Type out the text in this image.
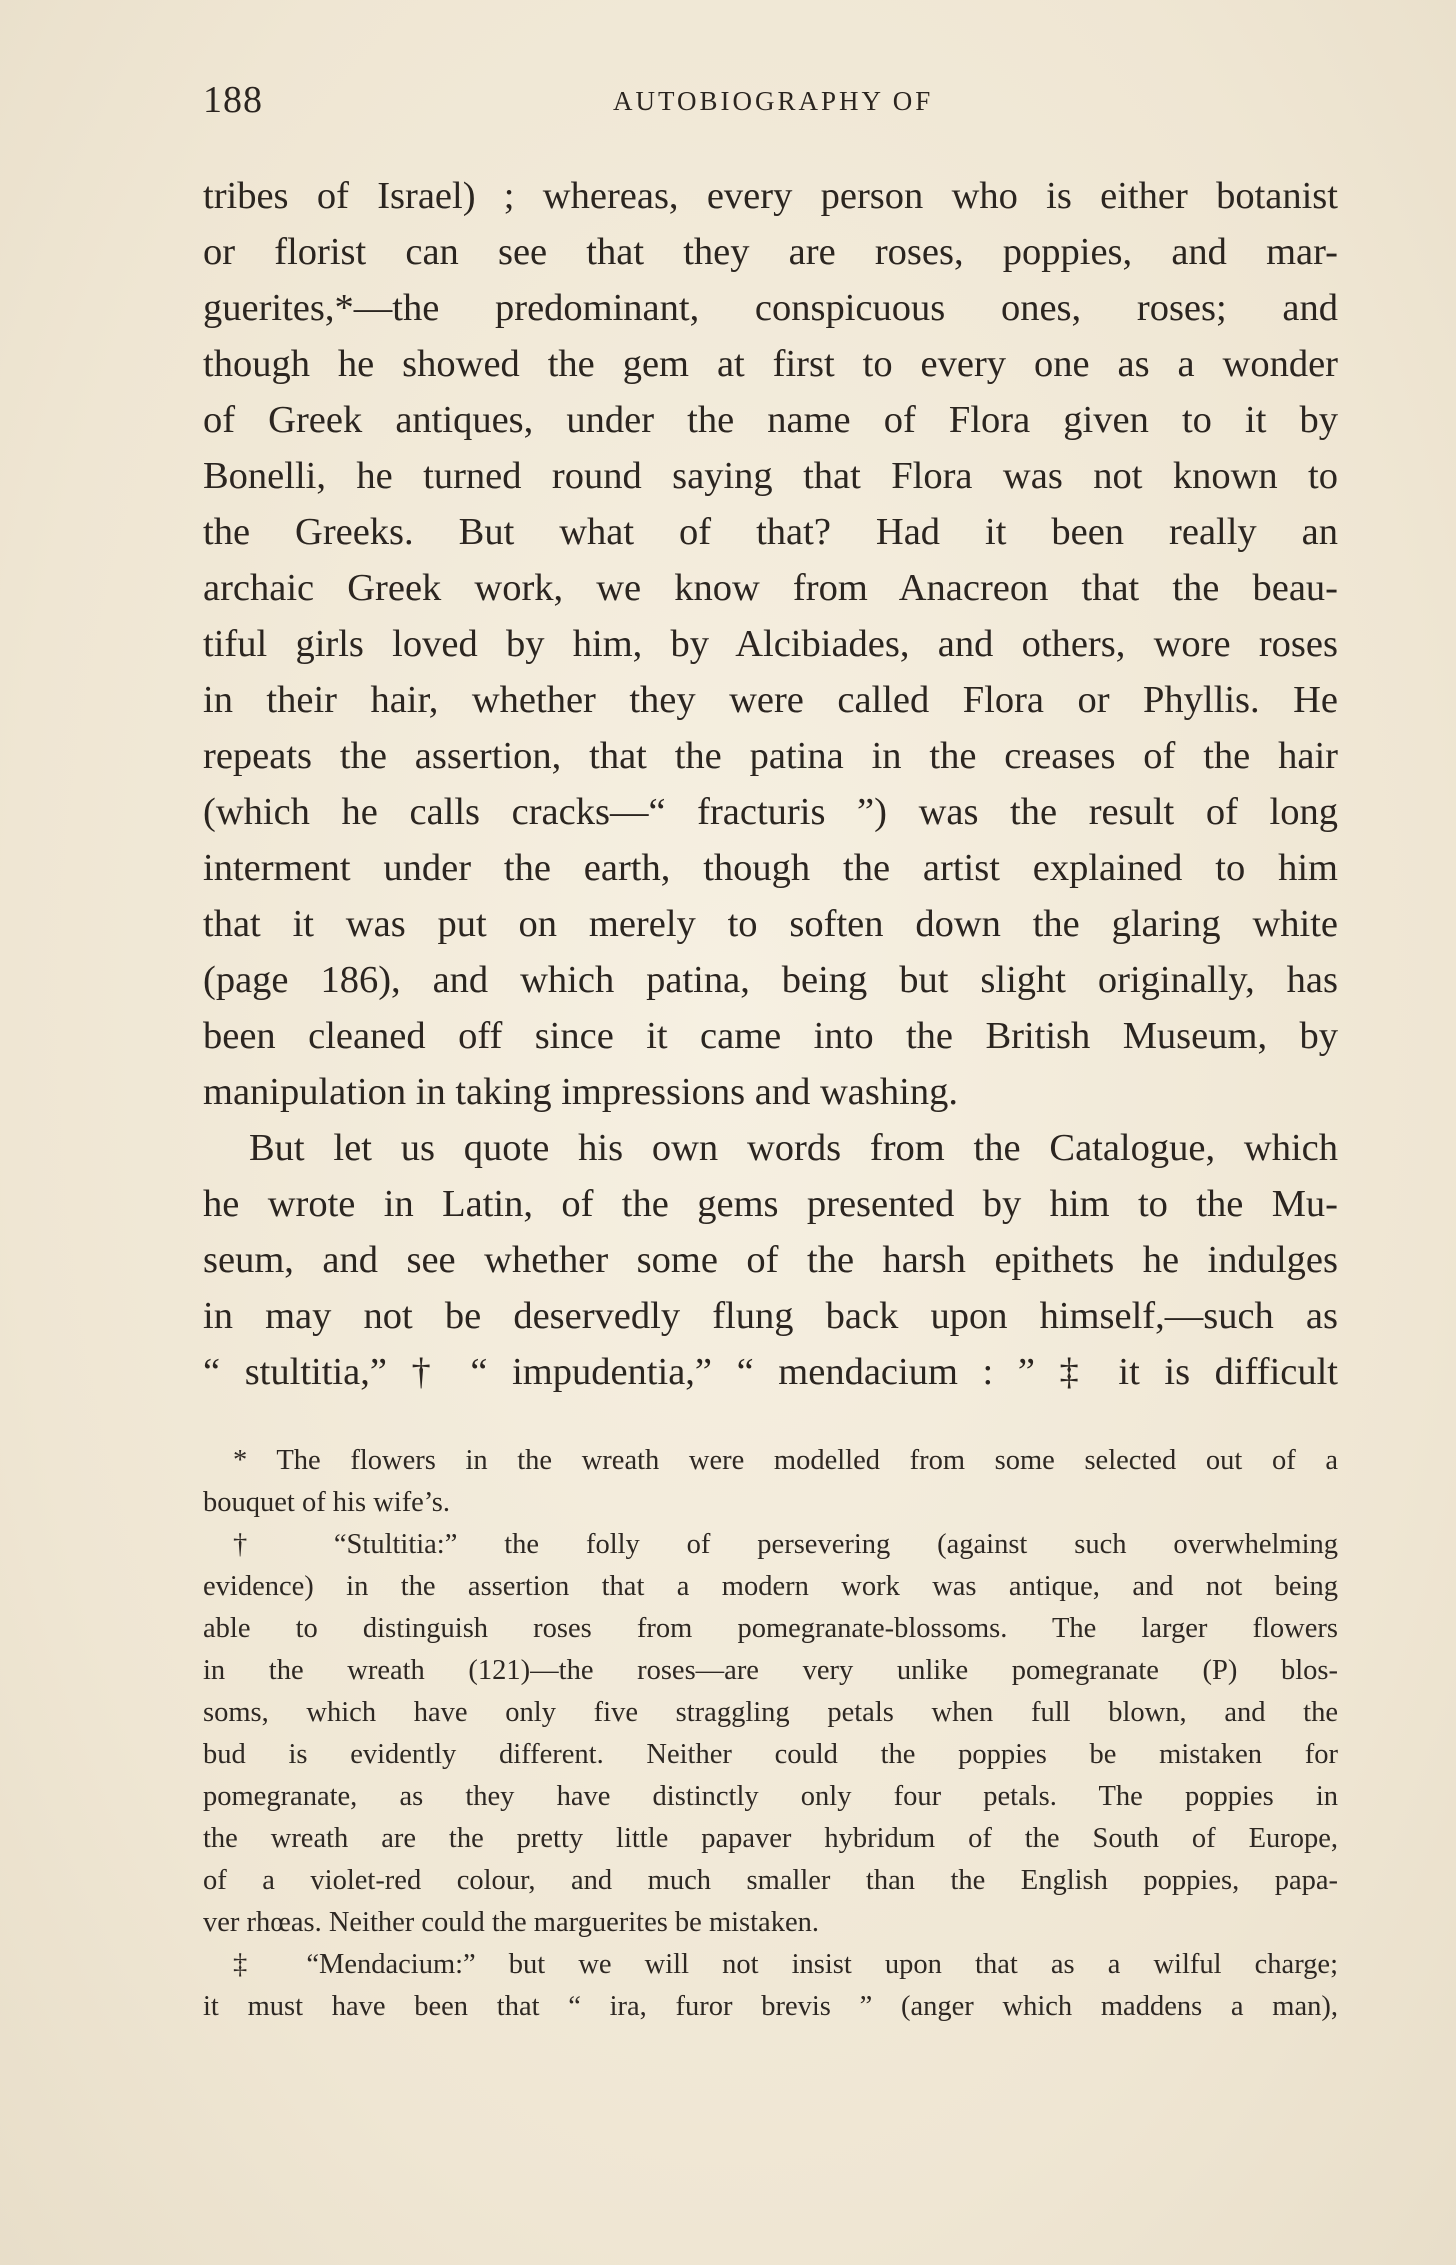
188	AUTOBIOGRAPHY OF
tribes of Israel) ; whereas, every person who is either botanist
or florist can see that they are roses, poppies, and mar-
guerites,*—the predominant, conspicuous ones, roses; and
though he showed the gem at first to every one as a wonder
of Greek antiques, under the name of Flora given to it by
Bonelli, he turned round saying that Flora was not known to
the Greeks. But what of that? Had it been really an
archaic Greek work, we know from Anacreon that the beau-
tiful girls loved by him, by Alcibiades, and others, wore roses
in their hair, whether they were called Flora or Phyllis. He
repeats the assertion, that the patina in the creases of the hair
(which he calls cracks—“ fracturis ”) was the result of long
interment under the earth, though the artist explained to him
that it was put on merely to soften down the glaring white
(page 186), and which patina, being but slight originally, has
been cleaned off since it came into the British Museum, by
manipulation in taking impressions and washing.
But let us quote his own words from the Catalogue, which
he wrote in Latin, of the gems presented by him to the Mu-
seum, and see whether some of the harsh epithets he indulges
in may not be deservedly flung back upon himself,—such as
“ stultitia,” † “ impudentia,” “ mendacium : ” ‡ it is difficult
* The flowers in the wreath were modelled from some selected out of a
bouquet of his wife’s.
† “Stultitia:” the folly of persevering (against such overwhelming
evidence) in the assertion that a modern work was antique, and not being
able to distinguish roses from pomegranate-blossoms. The larger flowers
in the wreath (121)—the roses—are very unlike pomegranate (P) blos-
soms, which have only five straggling petals when full blown, and the
bud is evidently different. Neither could the poppies be mistaken for
pomegranate, as they have distinctly only four petals. The poppies in
the wreath are the pretty little papaver hybridum of the South of Europe,
of a violet-red colour, and much smaller than the English poppies, papa-
ver rhœas. Neither could the marguerites be mistaken.
‡ “Mendacium:” but we will not insist upon that as a wilful charge;
it must have been that “ ira, furor brevis ” (anger which maddens a man),
